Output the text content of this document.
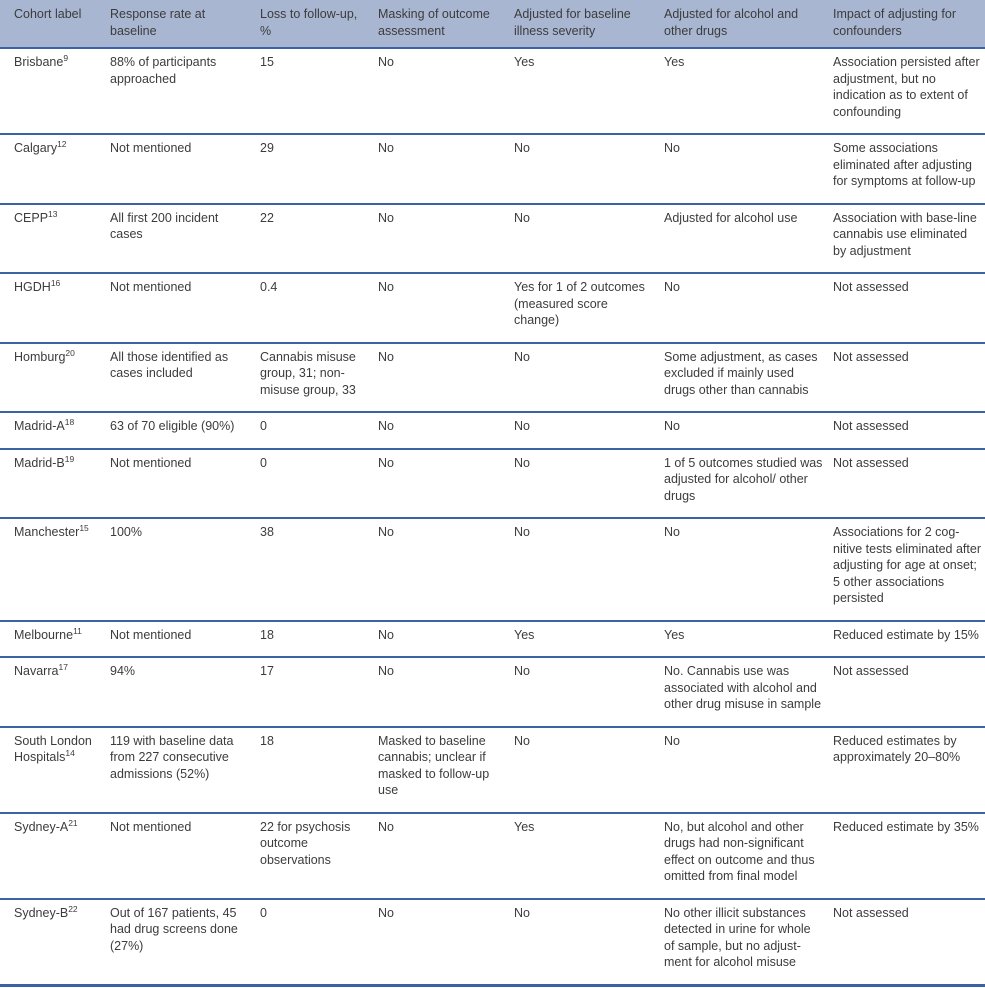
Cohort label	Response rate at baseline	Loss to follow-up, %	Masking of outcome assessment	Adjusted for baseline illness severity	Adjusted for alcohol and other drugs	Impact of adjusting for confounders
Brisbane$^9$	88% of participants approached	15	No	Yes	Yes	Association persisted after adjustment, but no indication as to extent of confounding
Calgary$^{12}$	Not mentioned	29	No	No	No	Some associations eliminated after adjusting for symptoms at follow-up
CEPP$^{13}$	All first 200 incident cases	22	No	No	Adjusted for alcohol use	Association with base-line cannabis use eliminated by adjustment
HGDH$^{16}$	Not mentioned	0.4	No	Yes for 1 of 2 outcomes (measured score change)	No	Not assessed
Homburg$^{20}$	All those identified as cases included	Cannabis misuse group, 31; non-misuse group, 33	No	No	Some adjustment, as cases excluded if mainly used drugs other than cannabis	Not assessed
Madrid-$A^{18}$	63 of 70 eligible (90%)	0	No	No	No	Not assessed
Madrid-$B^{19}$	Not mentioned	0	No	No	1 of 5 outcomes studied was adjusted for alcohol/ other drugs	Not assessed
Manchester$^{15}$	100%	38	No	No	No	Associations for 2 cog-nitive tests eliminated after adjusting for age at onset; 5 other associations persisted
Melbourne$^{11}$	Not mentioned	18	No	Yes	Yes	Reduced estimate by 15%
Navarra$^{17}$	94%	17	No	No	No. Cannabis use was associated with alcohol and other drug misuse in sample	Not assessed
South London Hospitals$^{14}$	119 with baseline data from 227 consecutive admissions (52%)	18	Masked to baseline cannabis; unclear if masked to follow-up use	No	No	Reduced estimates by approximately 20–80%
Sydney-$A^{21}$	Not mentioned	22 for psychosis outcome observations	No	Yes	No, but alcohol and other drugs had non-significant effect on outcome and thus omitted from final model	Reduced estimate by 35%
Sydney-$B^{22}$	Out of 167 patients, 45 had drug screens done (27%)	0	No	No	No other illicit substances detected in urine for whole of sample, but no adjust-ment for alcohol misuse	Not assessed
